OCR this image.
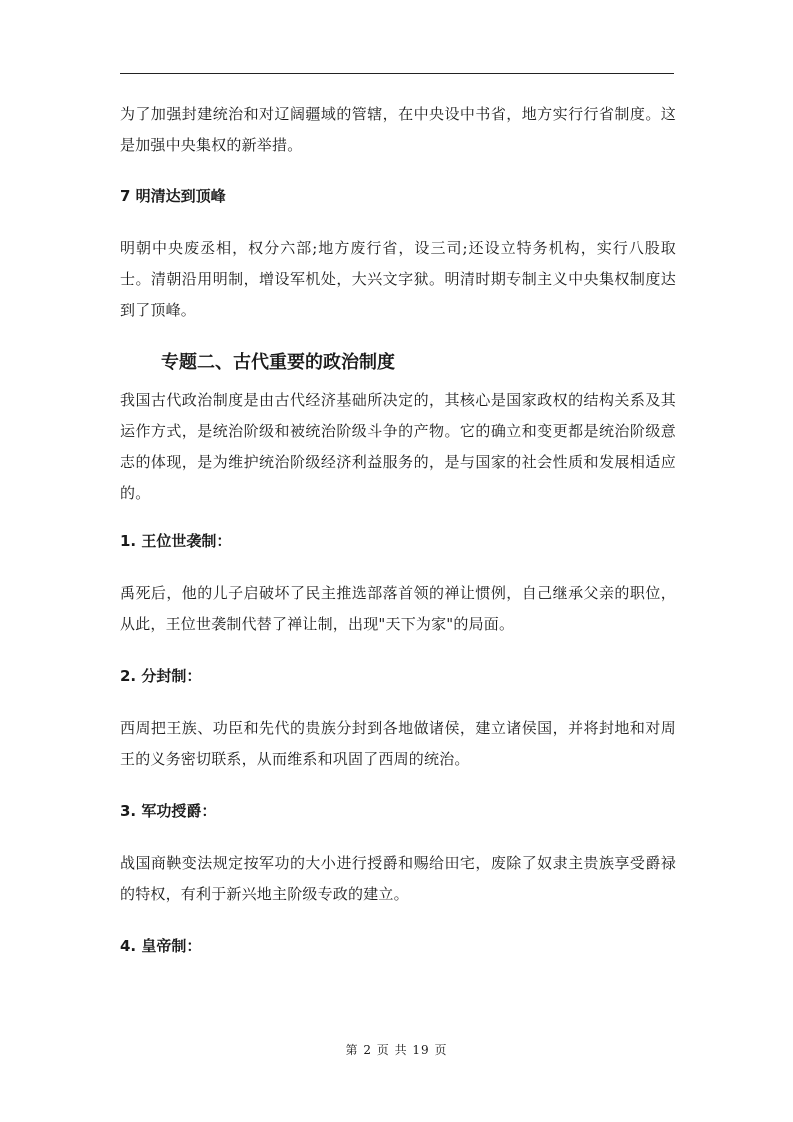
为了加强封建统治和对辽阔疆域的管辖，在中央设中书省，地方实行行省制度。这是加强中央集权的新举措。

7 明清达到顶峰

明朝中央废丞相，权分六部;地方废行省，设三司;还设立特务机构，实行八股取士。清朝沿用明制，增设军机处，大兴文字狱。明清时期专制主义中央集权制度达到了顶峰。

专题二、古代重要的政治制度

我国古代政治制度是由古代经济基础所决定的，其核心是国家政权的结构关系及其运作方式，是统治阶级和被统治阶级斗争的产物。它的确立和变更都是统治阶级意志的体现，是为维护统治阶级经济利益服务的，是与国家的社会性质和发展相适应的。

1. 王位世袭制：

禹死后，他的儿子启破坏了民主推选部落首领的禅让惯例，自己继承父亲的职位，从此，王位世袭制代替了禅让制，出现"天下为家"的局面。

2. 分封制：

西周把王族、功臣和先代的贵族分封到各地做诸侯，建立诸侯国，并将封地和对周王的义务密切联系，从而维系和巩固了西周的统治。

3. 军功授爵：

战国商鞅变法规定按军功的大小进行授爵和赐给田宅，废除了奴隶主贵族享受爵禄的特权，有利于新兴地主阶级专政的建立。

4. 皇帝制：
第 2 页 共 19 页
